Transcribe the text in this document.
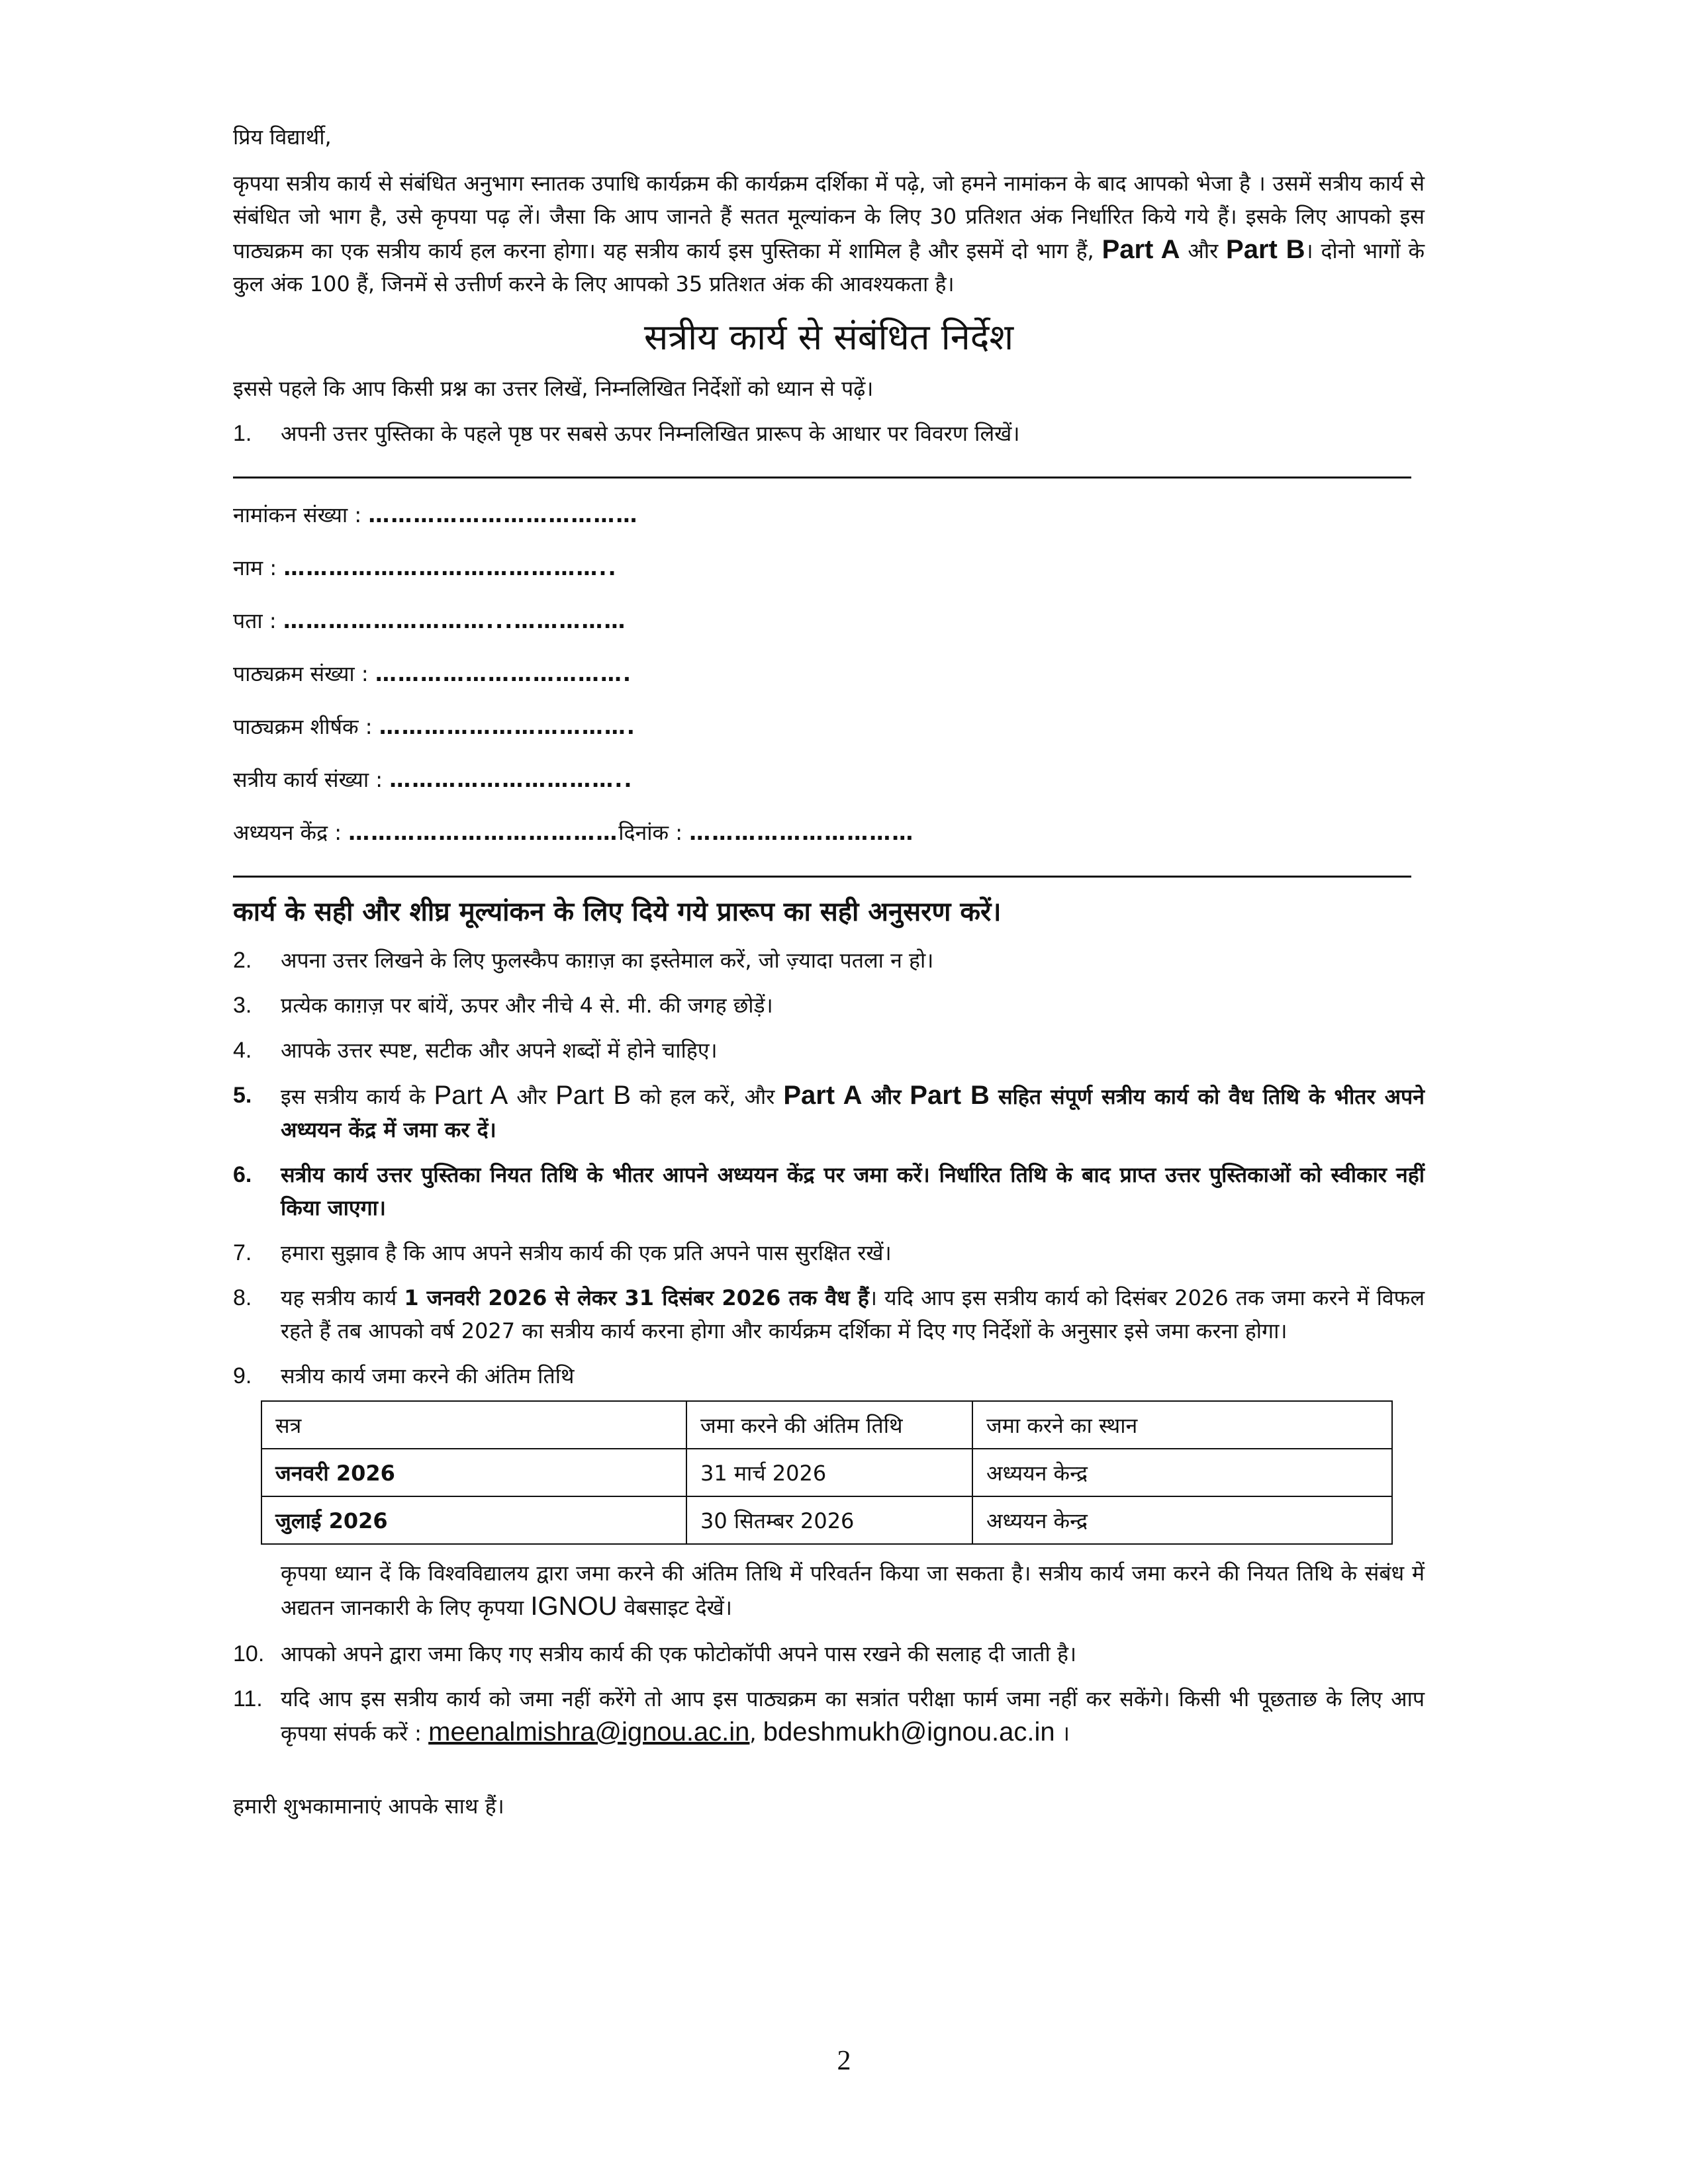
प्रिय विद्यार्थी,

कृपया सत्रीय कार्य से संबंधित अनुभाग स्नातक उपाधि कार्यक्रम की कार्यक्रम दर्शिका में पढ़े, जो हमने नामांकन के बाद आपको भेजा है । उसमें सत्रीय कार्य से संबंधित जो भाग है, उसे कृपया पढ़ लें। जैसा कि आप जानते हैं सतत मूल्यांकन के लिए 30 प्रतिशत अंक निर्धारित किये गये हैं। इसके लिए आपको इस पाठ्यक्रम का एक सत्रीय कार्य हल करना होगा। यह सत्रीय कार्य इस पुस्तिका में शामिल है और इसमें दो भाग हैं, Part A और Part B। दोनो भागों के कुल अंक 100 हैं, जिनमें से उत्तीर्ण करने के लिए आपको 35 प्रतिशत अंक की आवश्यकता है।

सत्रीय कार्य से संबंधित निर्देश

इससे पहले कि आप किसी प्रश्न का उत्तर लिखें, निम्नलिखित निर्देशों को ध्यान से पढ़ें।

1.	अपनी उत्तर पुस्तिका के पहले पृष्ठ पर सबसे ऊपर निम्नलिखित प्रारूप के आधार पर विवरण लिखें।
नामांकन संख्या : ………………………………
नाम : ……………………………………..
पता : ………………………...……………
पाठ्यक्रम संख्या : …………………………….
पाठ्यक्रम शीर्षक : …………………………….
सत्रीय कार्य संख्या : …………………………..
अध्ययन केंद्र : ………………………………दिनांक : …………………………

कार्य के सही और शीघ्र मूल्यांकन के लिए दिये गये प्रारूप का सही अनुसरण करें।

2.	अपना उत्तर लिखने के लिए फुलस्कैप काग़ज़ का इस्तेमाल करें, जो ज़्यादा पतला न हो।
3.	प्रत्येक काग़ज़ पर बांयें, ऊपर और नीचे 4 से. मी. की जगह छोड़ें।
4.	आपके उत्तर स्पष्ट, सटीक और अपने शब्दों में होने चाहिए।
5.	इस सत्रीय कार्य के Part A और Part B को हल करें, और Part A और Part B सहित संपूर्ण सत्रीय कार्य को वैध तिथि के भीतर अपने अध्ययन केंद्र में जमा कर दें।
6.	सत्रीय कार्य उत्तर पुस्तिका नियत तिथि के भीतर आपने अध्ययन केंद्र पर जमा करें। निर्धारित तिथि के बाद प्राप्त उत्तर पुस्तिकाओं को स्वीकार नहीं किया जाएगा।
7.	हमारा सुझाव है कि आप अपने सत्रीय कार्य की एक प्रति अपने पास सुरक्षित रखें।
8.	यह सत्रीय कार्य 1 जनवरी 2026 से लेकर 31 दिसंबर 2026 तक वैध हैं। यदि आप इस सत्रीय कार्य को दिसंबर 2026 तक जमा करने में विफल रहते हैं तब आपको वर्ष 2027 का सत्रीय कार्य करना होगा और कार्यक्रम दर्शिका में दिए गए निर्देशों के अनुसार इसे जमा करना होगा।
9.	सत्रीय कार्य जमा करने की अंतिम तिथि
सत्र	जमा करने की अंतिम तिथि	जमा करने का स्थान
जनवरी 2026	31 मार्च 2026	अध्ययन केन्द्र
जुलाई 2026	30 सितम्बर 2026	अध्ययन केन्द्र

कृपया ध्यान दें कि विश्वविद्यालय द्वारा जमा करने की अंतिम तिथि में परिवर्तन किया जा सकता है। सत्रीय कार्य जमा करने की नियत तिथि के संबंध में अद्यतन जानकारी के लिए कृपया IGNOU वेबसाइट देखें।

10. आपको अपने द्वारा जमा किए गए सत्रीय कार्य की एक फोटोकॉपी अपने पास रखने की सलाह दी जाती है।
11. यदि आप इस सत्रीय कार्य को जमा नहीं करेंगे तो आप इस पाठ्यक्रम का सत्रांत परीक्षा फार्म जमा नहीं कर सकेंगे। किसी भी पूछताछ के लिए आप कृपया संपर्क करें : meenalmishra@ignou.ac.in, bdeshmukh@ignou.ac.in ।

हमारी शुभकामानाएं आपके साथ हैं।

2
